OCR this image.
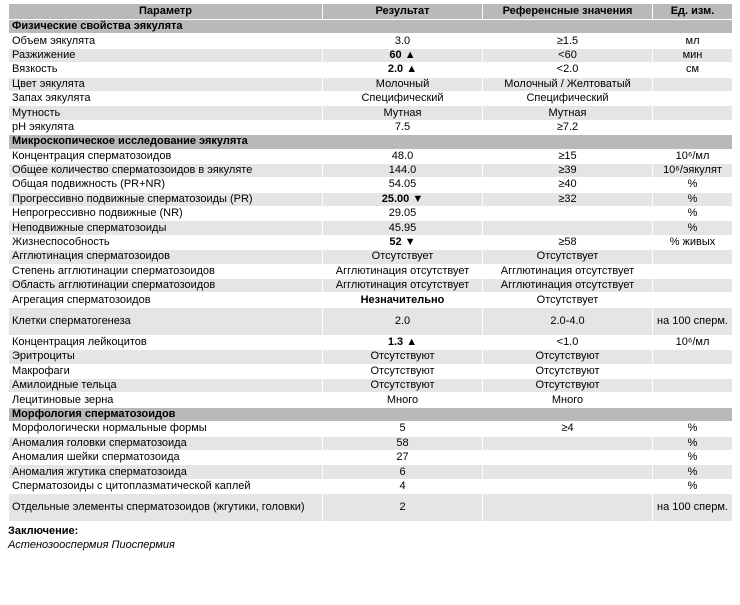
Параметр	Результат	Референсные значения	Ед. изм.
Физические свойства эякулята			
Объем эякулята	3.0	≥1.5	мл
Разжижение	60 ▲	<60	мин
Вязкость	2.0 ▲	<2.0	см
Цвет эякулята	Молочный	Молочный / Желтоватый	
Запах эякулята	Специфический	Специфический	
Мутность	Мутная	Мутная	
pH эякулята	7.5	≥7.2	
Микроскопическое исследование эякулята			
Концентрация сперматозоидов	48.0	≥15	10⁶/мл
Общее количество сперматозоидов в эякуляте	144.0	≥39	10⁶/эякулят
Общая подвижность (PR+NR)	54.05	≥40	%
Прогрессивно подвижные сперматозоиды (PR)	25.00 ▼	≥32	%
Непрогрессивно подвижные (NR)	29.05		%
Неподвижные сперматозоиды	45.95		%
Жизнеспособность	52 ▼	≥58	% живых
Агглютинация сперматозоидов	Отсутствует	Отсутствует	
Степень агглютинации сперматозоидов	Агглютинация отсутствует	Агглютинация отсутствует	
Область агглютинации сперматозоидов	Агглютинация отсутствует	Агглютинация отсутствует	
Агрегация сперматозоидов	Незначительно	Отсутствует	
Клетки сперматогенеза	2.0	2.0-4.0	на 100 сперм.
Концентрация лейкоцитов	1.3 ▲	<1.0	10⁶/мл
Эритроциты	Отсутствуют	Отсутствуют	
Макрофаги	Отсутствуют	Отсутствуют	
Амилоидные тельца	Отсутствуют	Отсутствуют	
Лецитиновые зерна	Много	Много	
Морфология сперматозоидов			
Морфологически нормальные формы	5	≥4	%
Аномалия головки сперматозоида	58		%
Аномалия шейки сперматозоида	27		%
Аномалия жгутика сперматозоида	6		%
Сперматозоиды с цитоплазматической каплей	4		%
Отдельные элементы сперматозоидов (жгутики, головки)	2		на 100 сперм.
Заключение:
Астенозооспермия Пиоспермия
